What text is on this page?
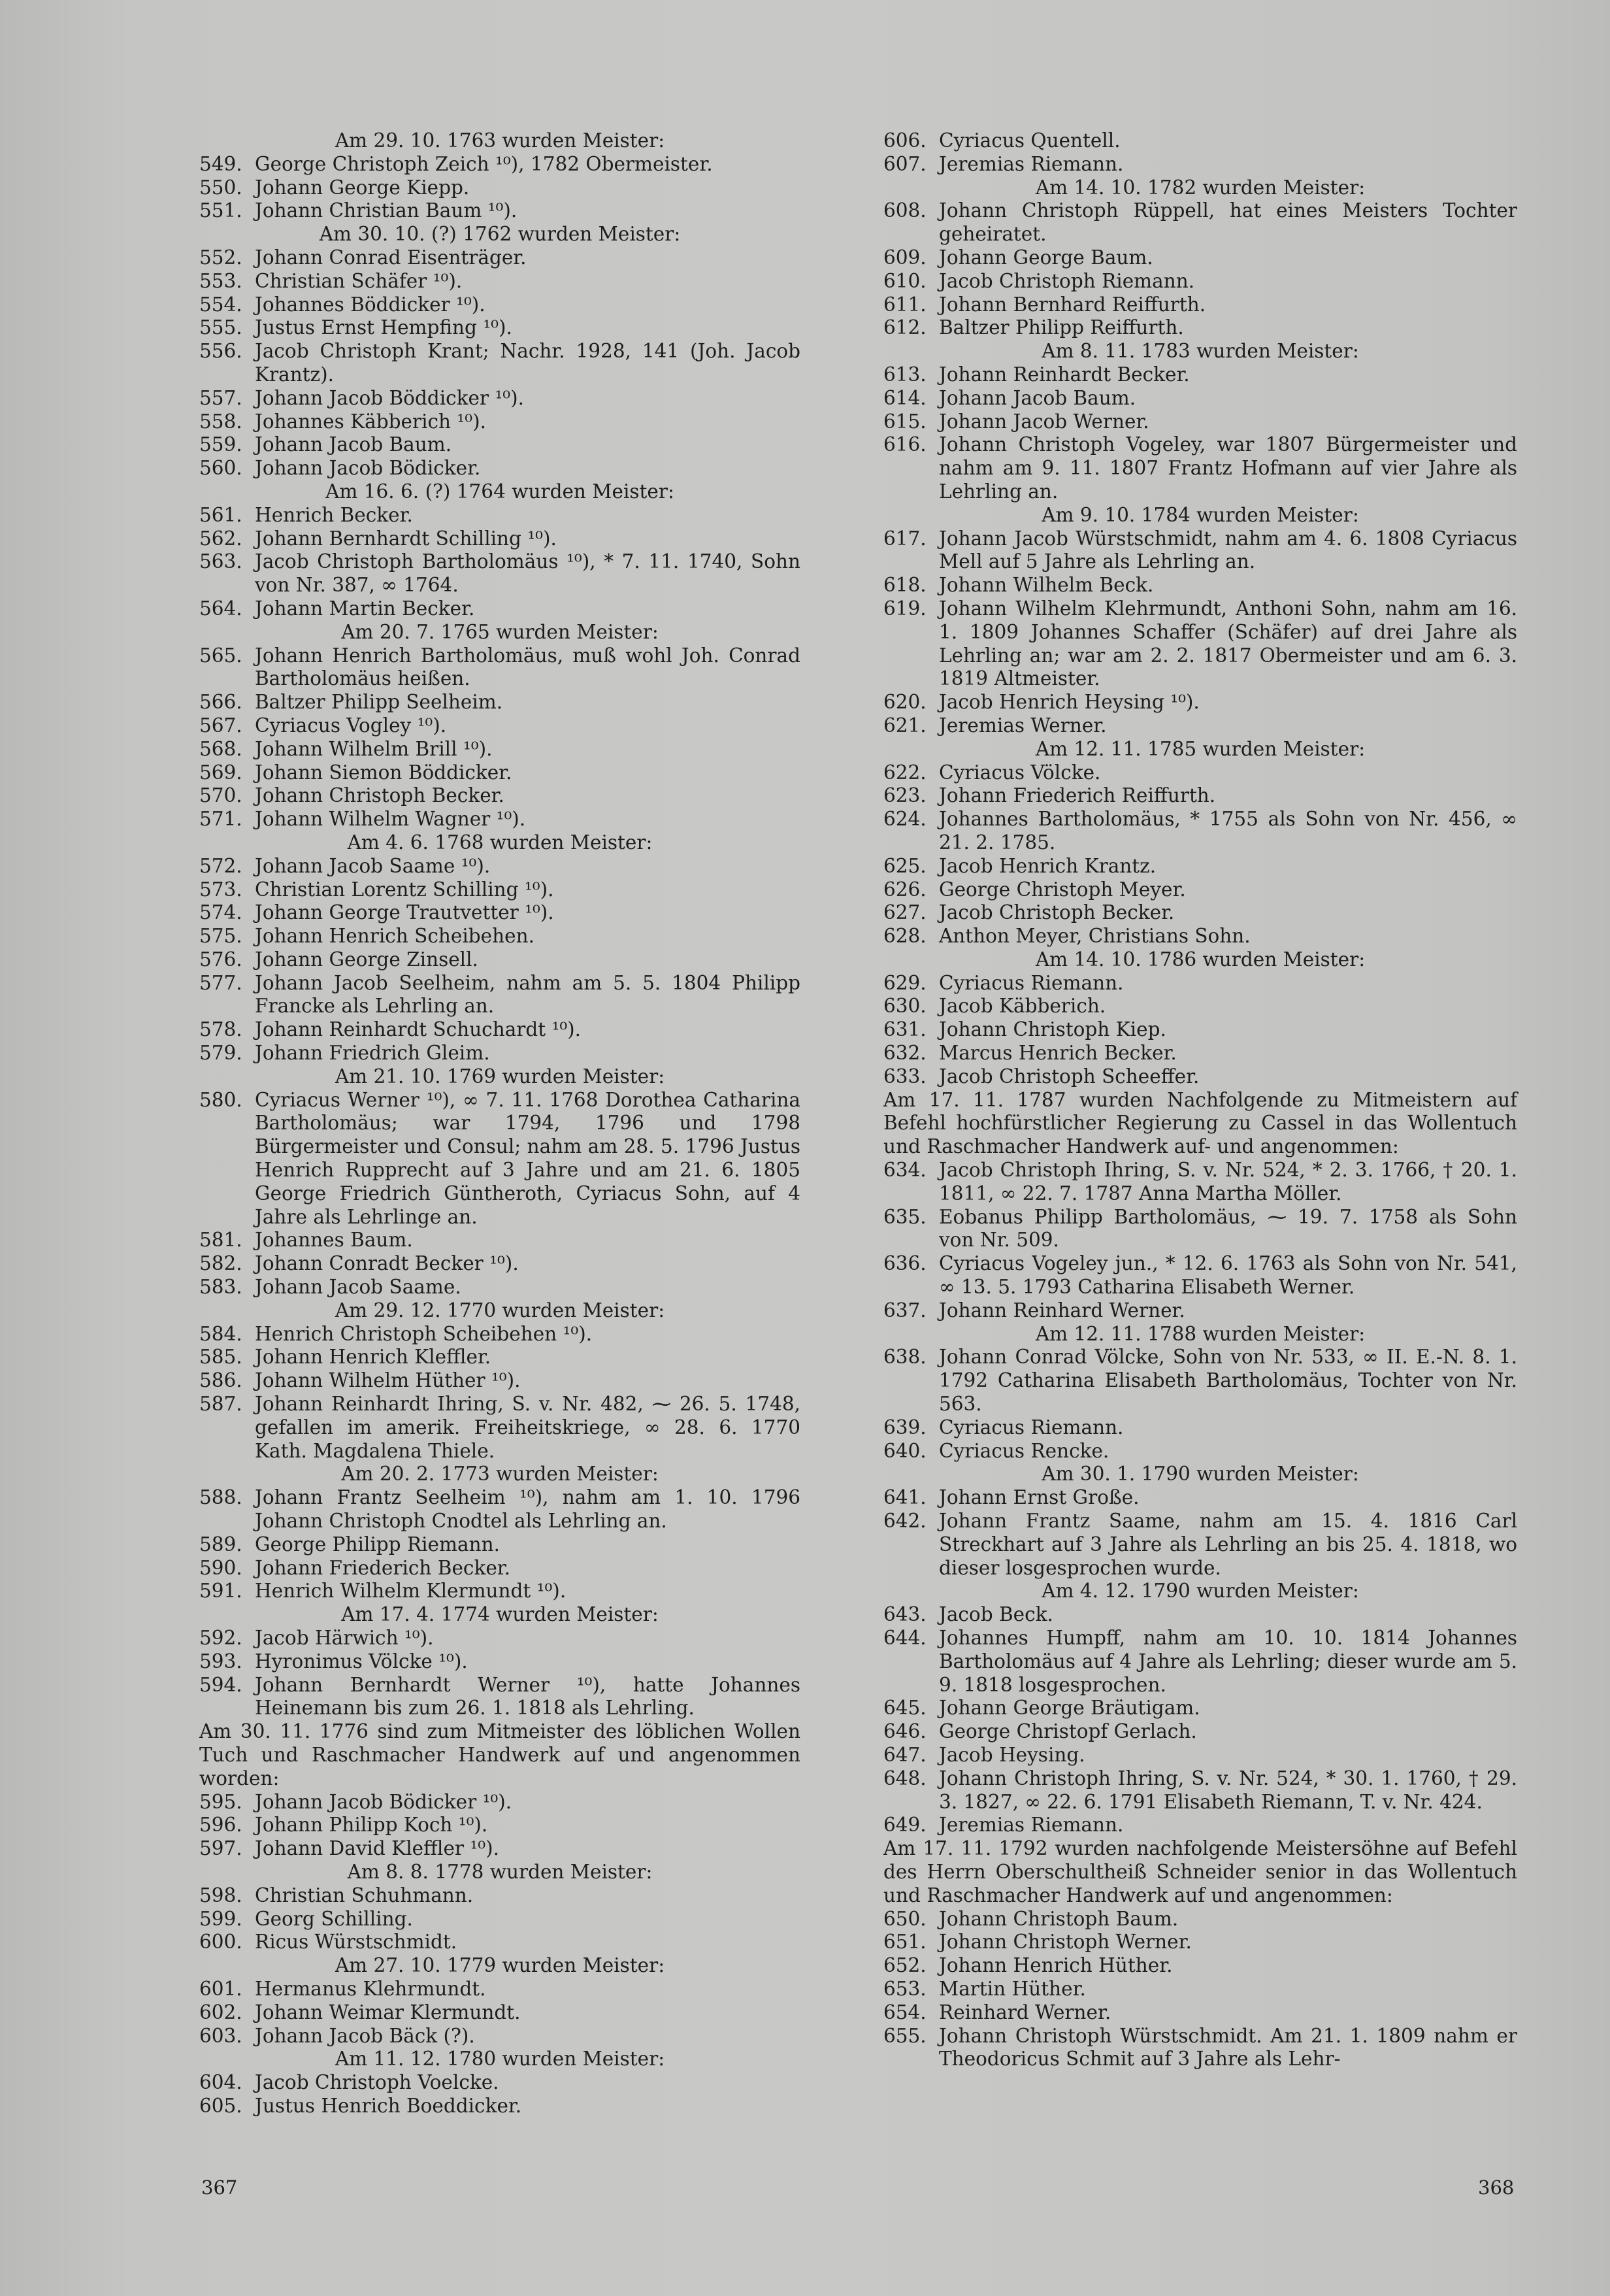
Am 29. 10. 1763 wurden Meister:
549. George Christoph Zeich ¹⁰), 1782 Obermeister.
550. Johann George Kiepp.
551. Johann Christian Baum ¹⁰).
Am 30. 10. (?) 1762 wurden Meister:
552. Johann Conrad Eisenträger.
553. Christian Schäfer ¹⁰).
554. Johannes Böddicker ¹⁰).
555. Justus Ernst Hempfing ¹⁰).
556. Jacob Christoph Krant; Nachr. 1928, 141 (Joh. Jacob Krantz).
557. Johann Jacob Böddicker ¹⁰).
558. Johannes Käbberich ¹⁰).
559. Johann Jacob Baum.
560. Johann Jacob Bödicker.
Am 16. 6. (?) 1764 wurden Meister:
561. Henrich Becker.
562. Johann Bernhardt Schilling ¹⁰).
563. Jacob Christoph Bartholomäus ¹⁰), * 7. 11. 1740, Sohn von Nr. 387, ∞ 1764.
564. Johann Martin Becker.
Am 20. 7. 1765 wurden Meister:
565. Johann Henrich Bartholomäus, muß wohl Joh. Conrad Bartholomäus heißen.
566. Baltzer Philipp Seelheim.
567. Cyriacus Vogley ¹⁰).
568. Johann Wilhelm Brill ¹⁰).
569. Johann Siemon Böddicker.
570. Johann Christoph Becker.
571. Johann Wilhelm Wagner ¹⁰).
Am 4. 6. 1768 wurden Meister:
572. Johann Jacob Saame ¹⁰).
573. Christian Lorentz Schilling ¹⁰).
574. Johann George Trautvetter ¹⁰).
575. Johann Henrich Scheibehen.
576. Johann George Zinsell.
577. Johann Jacob Seelheim, nahm am 5. 5. 1804 Philipp Francke als Lehrling an.
578. Johann Reinhardt Schuchardt ¹⁰).
579. Johann Friedrich Gleim.
Am 21. 10. 1769 wurden Meister:
580. Cyriacus Werner ¹⁰), ∞ 7. 11. 1768 Dorothea Catharina Bartholomäus; war 1794, 1796 und 1798 Bürgermeister und Consul; nahm am 28. 5. 1796 Justus Henrich Rupprecht auf 3 Jahre und am 21. 6. 1805 George Friedrich Güntheroth, Cyriacus Sohn, auf 4 Jahre als Lehrlinge an.
581. Johannes Baum.
582. Johann Conradt Becker ¹⁰).
583. Johann Jacob Saame.
Am 29. 12. 1770 wurden Meister:
584. Henrich Christoph Scheibehen ¹⁰).
585. Johann Henrich Kleffler.
586. Johann Wilhelm Hüther ¹⁰).
587. Johann Reinhardt Ihring, S. v. Nr. 482, ⁓ 26. 5. 1748, gefallen im amerik. Freiheitskriege, ∞ 28. 6. 1770 Kath. Magdalena Thiele.
Am 20. 2. 1773 wurden Meister:
588. Johann Frantz Seelheim ¹⁰), nahm am 1. 10. 1796 Johann Christoph Cnodtel als Lehrling an.
589. George Philipp Riemann.
590. Johann Friederich Becker.
591. Henrich Wilhelm Klermundt ¹⁰).
Am 17. 4. 1774 wurden Meister:
592. Jacob Härwich ¹⁰).
593. Hyronimus Völcke ¹⁰).
594. Johann Bernhardt Werner ¹⁰), hatte Johannes Heinemann bis zum 26. 1. 1818 als Lehrling.
Am 30. 11. 1776 sind zum Mitmeister des löblichen Wollen Tuch und Raschmacher Handwerk auf und angenommen worden:
595. Johann Jacob Bödicker ¹⁰).
596. Johann Philipp Koch ¹⁰).
597. Johann David Kleffler ¹⁰).
Am 8. 8. 1778 wurden Meister:
598. Christian Schuhmann.
599. Georg Schilling.
600. Ricus Würstschmidt.
Am 27. 10. 1779 wurden Meister:
601. Hermanus Klehrmundt.
602. Johann Weimar Klermundt.
603. Johann Jacob Bäck (?).
Am 11. 12. 1780 wurden Meister:
604. Jacob Christoph Voelcke.
605. Justus Henrich Boeddicker.
606. Cyriacus Quentell.
607. Jeremias Riemann.
Am 14. 10. 1782 wurden Meister:
608. Johann Christoph Rüppell, hat eines Meisters Tochter geheiratet.
609. Johann George Baum.
610. Jacob Christoph Riemann.
611. Johann Bernhard Reiffurth.
612. Baltzer Philipp Reiffurth.
Am 8. 11. 1783 wurden Meister:
613. Johann Reinhardt Becker.
614. Johann Jacob Baum.
615. Johann Jacob Werner.
616. Johann Christoph Vogeley, war 1807 Bürgermeister und nahm am 9. 11. 1807 Frantz Hofmann auf vier Jahre als Lehrling an.
Am 9. 10. 1784 wurden Meister:
617. Johann Jacob Würstschmidt, nahm am 4. 6. 1808 Cyriacus Mell auf 5 Jahre als Lehrling an.
618. Johann Wilhelm Beck.
619. Johann Wilhelm Klehrmundt, Anthoni Sohn, nahm am 16. 1. 1809 Johannes Schaffer (Schäfer) auf drei Jahre als Lehrling an; war am 2. 2. 1817 Obermeister und am 6. 3. 1819 Altmeister.
620. Jacob Henrich Heysing ¹⁰).
621. Jeremias Werner.
Am 12. 11. 1785 wurden Meister:
622. Cyriacus Völcke.
623. Johann Friederich Reiffurth.
624. Johannes Bartholomäus, * 1755 als Sohn von Nr. 456, ∞ 21. 2. 1785.
625. Jacob Henrich Krantz.
626. George Christoph Meyer.
627. Jacob Christoph Becker.
628. Anthon Meyer, Christians Sohn.
Am 14. 10. 1786 wurden Meister:
629. Cyriacus Riemann.
630. Jacob Käbberich.
631. Johann Christoph Kiep.
632. Marcus Henrich Becker.
633. Jacob Christoph Scheeffer.
Am 17. 11. 1787 wurden Nachfolgende zu Mitmeistern auf Befehl hochfürstlicher Regierung zu Cassel in das Wollentuch und Raschmacher Handwerk auf- und angenommen:
634. Jacob Christoph Ihring, S. v. Nr. 524, * 2. 3. 1766, † 20. 1. 1811, ∞ 22. 7. 1787 Anna Martha Möller.
635. Eobanus Philipp Bartholomäus, ⁓ 19. 7. 1758 als Sohn von Nr. 509.
636. Cyriacus Vogeley jun., * 12. 6. 1763 als Sohn von Nr. 541, ∞ 13. 5. 1793 Catharina Elisabeth Werner.
637. Johann Reinhard Werner.
Am 12. 11. 1788 wurden Meister:
638. Johann Conrad Völcke, Sohn von Nr. 533, ∞ II. E.-N. 8. 1. 1792 Catharina Elisabeth Bartholomäus, Tochter von Nr. 563.
639. Cyriacus Riemann.
640. Cyriacus Rencke.
Am 30. 1. 1790 wurden Meister:
641. Johann Ernst Große.
642. Johann Frantz Saame, nahm am 15. 4. 1816 Carl Streckhart auf 3 Jahre als Lehrling an bis 25. 4. 1818, wo dieser losgesprochen wurde.
Am 4. 12. 1790 wurden Meister:
643. Jacob Beck.
644. Johannes Humpff, nahm am 10. 10. 1814 Johannes Bartholomäus auf 4 Jahre als Lehrling; dieser wurde am 5. 9. 1818 losgesprochen.
645. Johann George Bräutigam.
646. George Christopf Gerlach.
647. Jacob Heysing.
648. Johann Christoph Ihring, S. v. Nr. 524, * 30. 1. 1760, † 29. 3. 1827, ∞ 22. 6. 1791 Elisabeth Riemann, T. v. Nr. 424.
649. Jeremias Riemann.
Am 17. 11. 1792 wurden nachfolgende Meistersöhne auf Befehl des Herrn Oberschultheiß Schneider senior in das Wollentuch und Raschmacher Handwerk auf und angenommen:
650. Johann Christoph Baum.
651. Johann Christoph Werner.
652. Johann Henrich Hüther.
653. Martin Hüther.
654. Reinhard Werner.
655. Johann Christoph Würstschmidt. Am 21. 1. 1809 nahm er Theodoricus Schmit auf 3 Jahre als Lehr-
367	368
